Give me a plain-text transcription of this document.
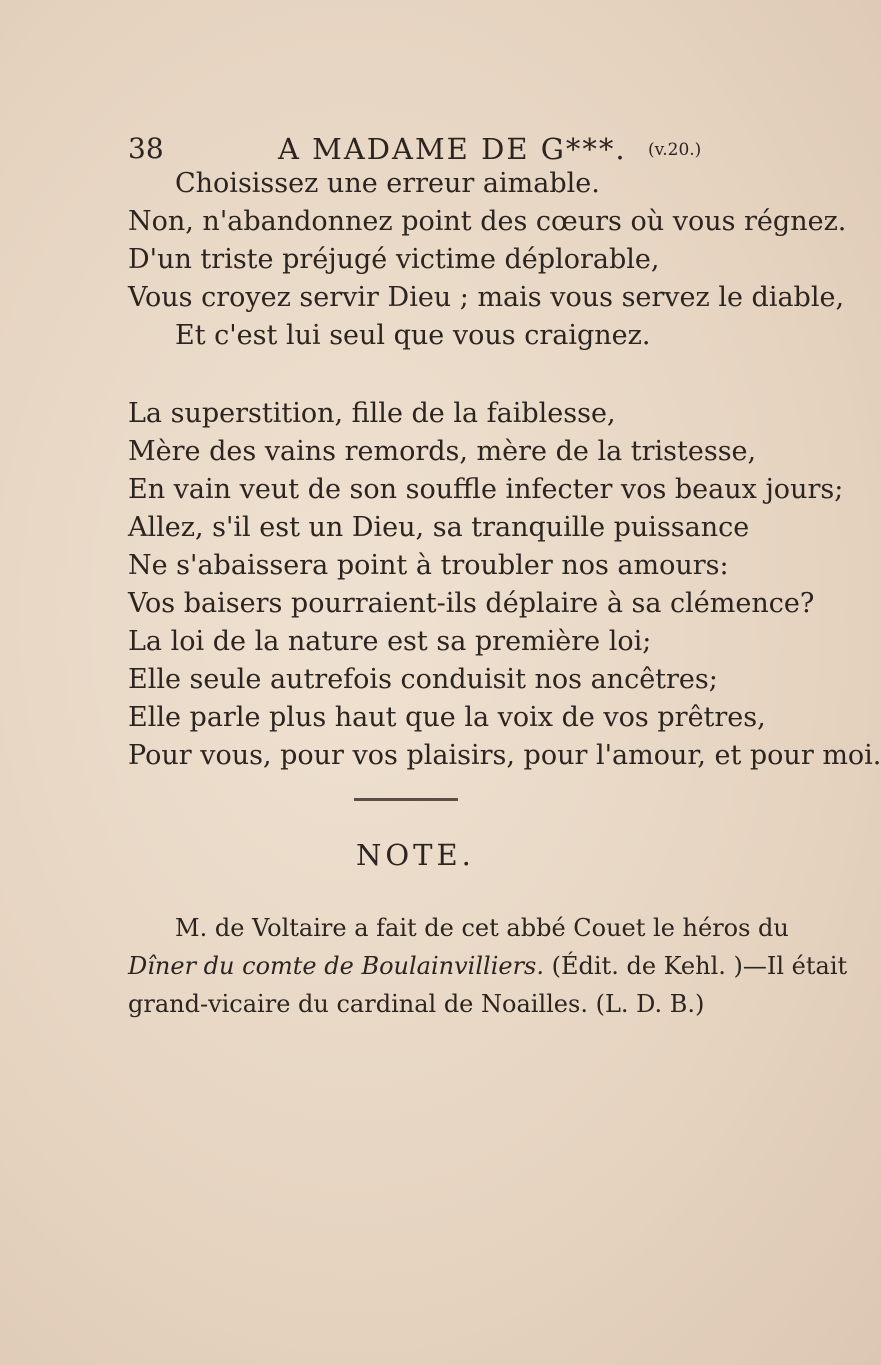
38	A MADAME DE G***. (v.20.)
Choisissez une erreur aimable.
Non, n'abandonnez point des cœurs où vous régnez.
D'un triste préjugé victime déplorable,
Vous croyez servir Dieu ; mais vous servez le diable,
Et c'est lui seul que vous craignez.
La superstition, fille de la faiblesse,
Mère des vains remords, mère de la tristesse,
En vain veut de son souffle infecter vos beaux jours;
Allez, s'il est un Dieu, sa tranquille puissance
Ne s'abaissera point à troubler nos amours:
Vos baisers pourraient-ils déplaire à sa clémence?
La loi de la nature est sa première loi;
Elle seule autrefois conduisit nos ancêtres;
Elle parle plus haut que la voix de vos prêtres,
Pour vous, pour vos plaisirs, pour l'amour, et pour moi.
NOTE.
M. de Voltaire a fait de cet abbé Couet le héros du
Dîner du comte de Boulainvilliers. (Édit. de Kehl. )—Il était
grand-vicaire du cardinal de Noailles. (L. D. B.)
